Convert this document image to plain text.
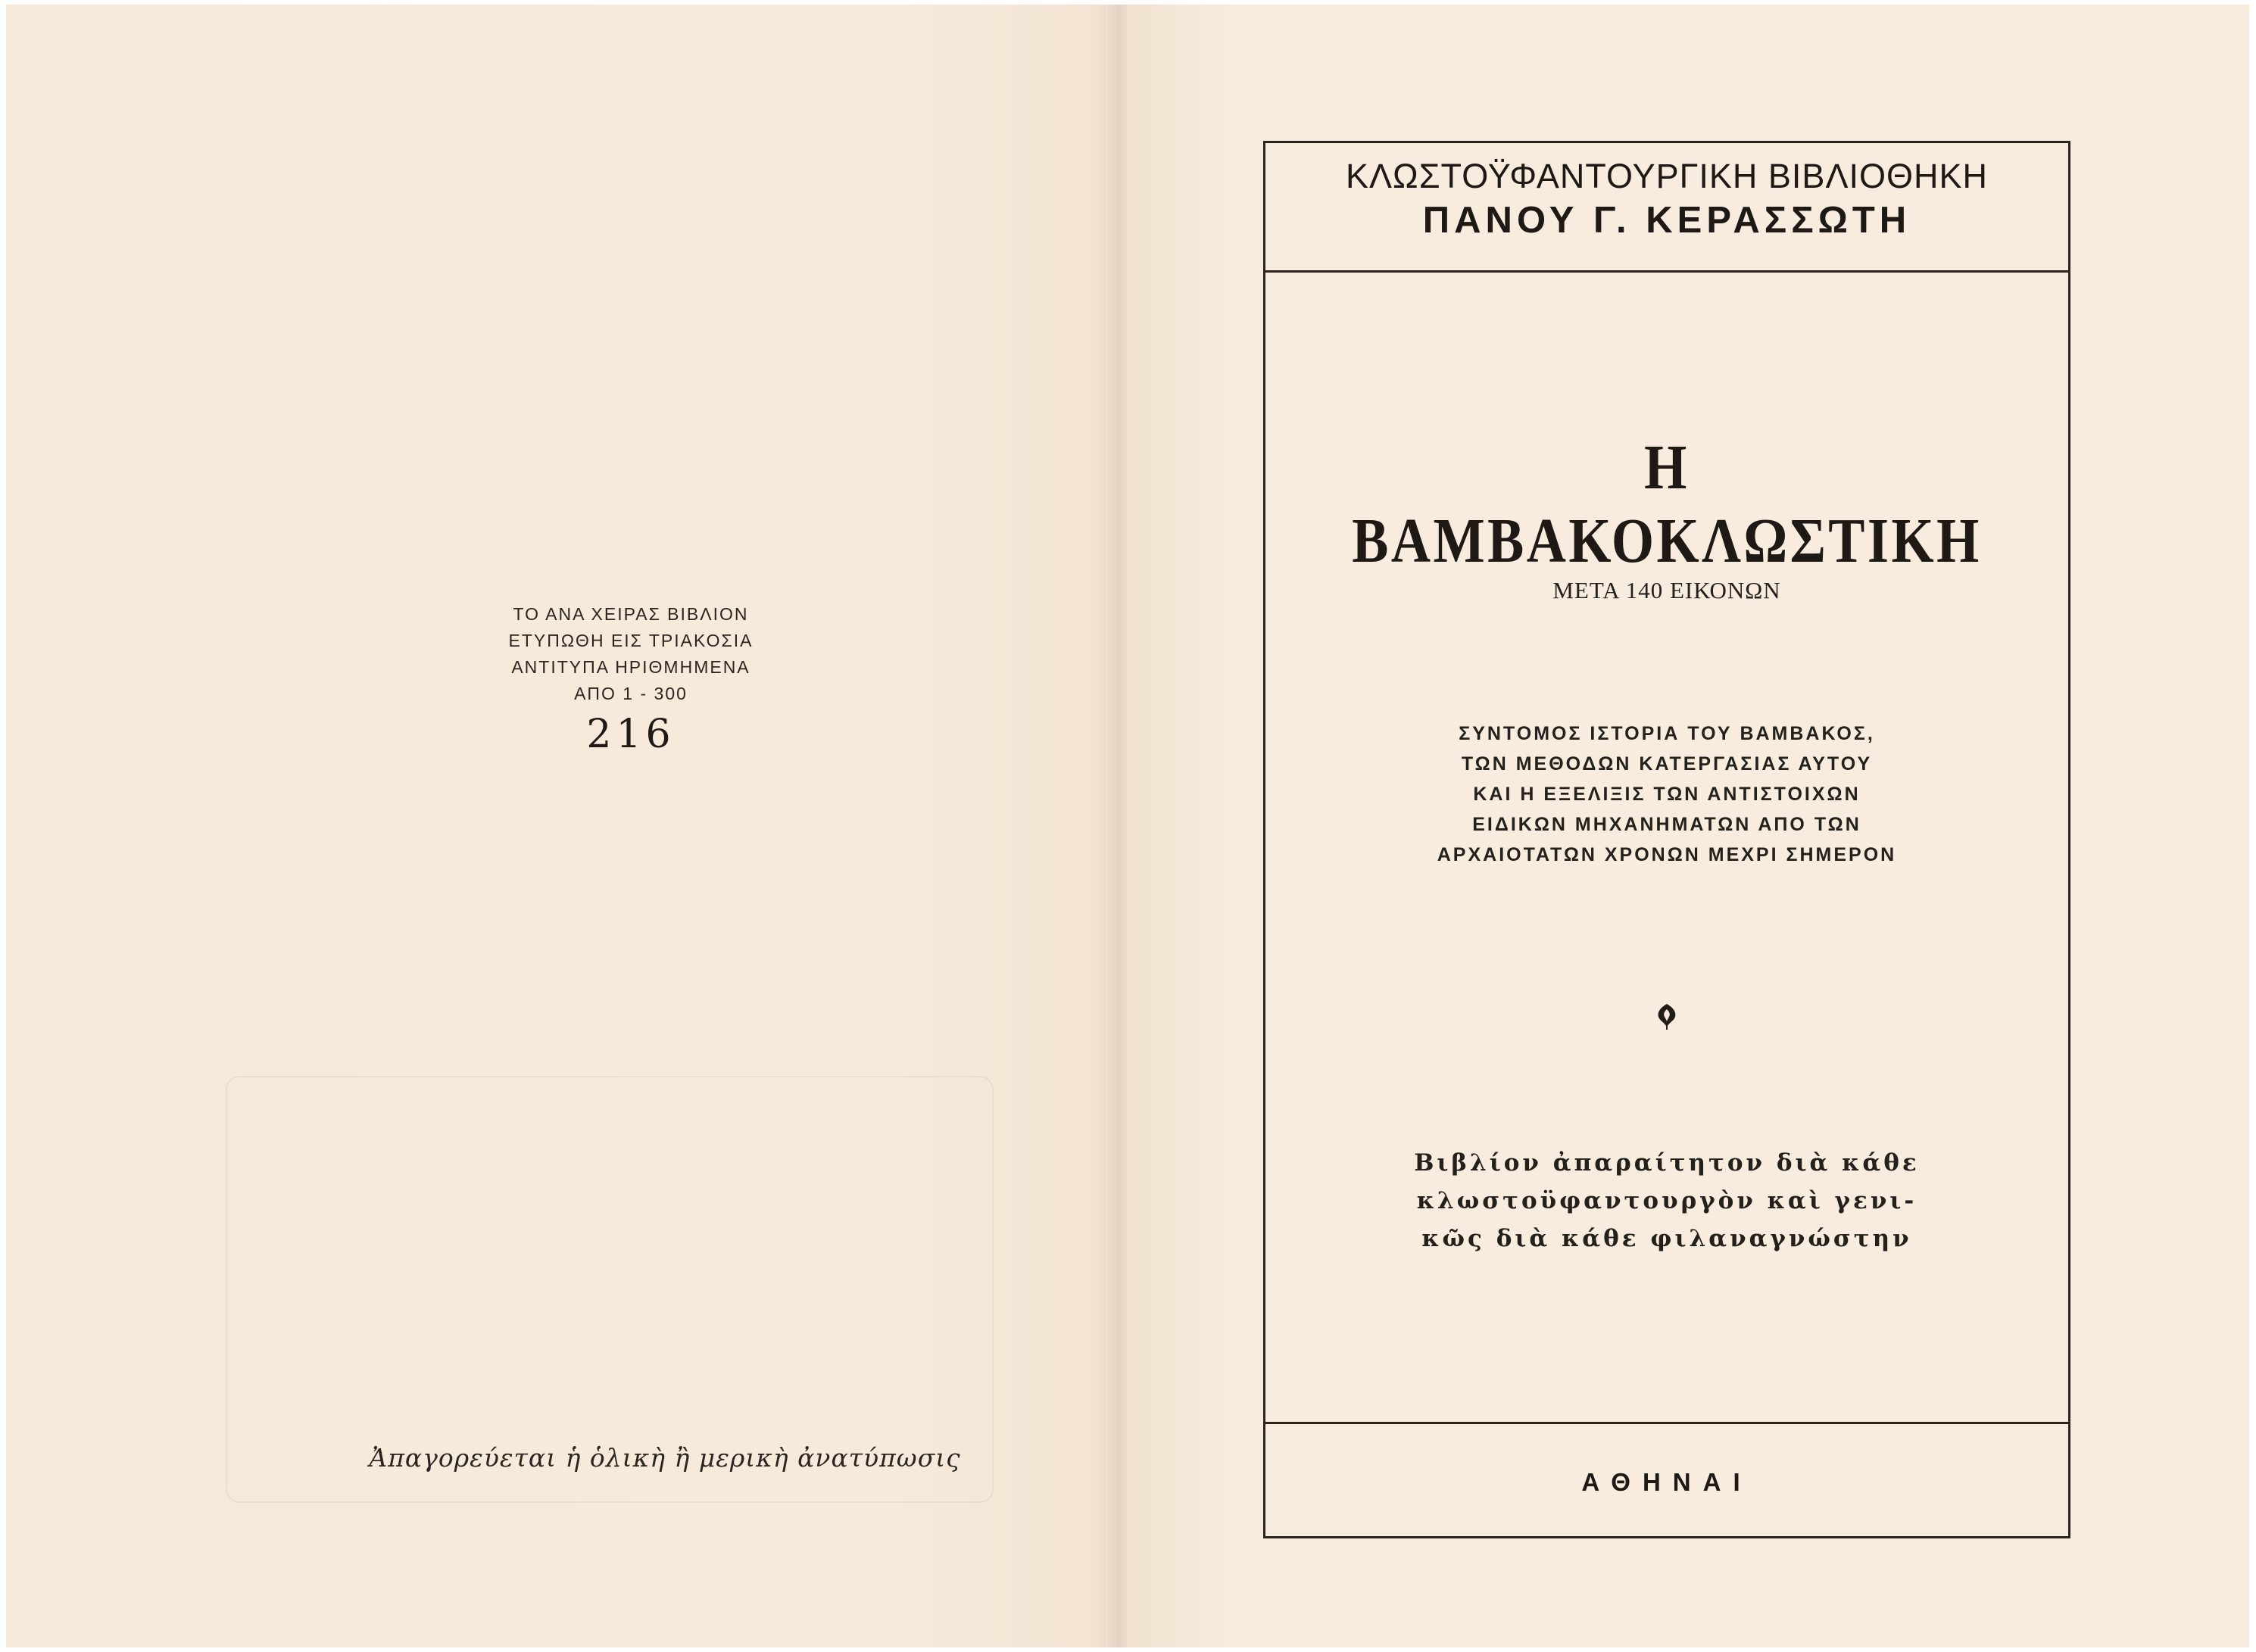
ΤΟ ΑΝΑ ΧΕΙΡΑΣ ΒΙΒΛΙΟΝ
ΕΤΥΠΩΘΗ ΕΙΣ ΤΡΙΑΚΟΣΙΑ
ΑΝΤΙΤΥΠΑ ΗΡΙΘΜΗΜΕΝΑ
ΑΠΟ 1 - 300
216
Ἀπαγορεύεται ἡ ὁλικὴ ἢ μερικὴ ἀνατύπωσις
ΚΛΩΣΤΟΫΦΑΝΤΟΥΡΓΙΚΗ ΒΙΒΛΙΟΘΗΚΗ
ΠΑΝΟΥ Γ. ΚΕΡΑΣΣΩΤΗ
Η ΒΑΜΒΑΚΟΚΛΩΣΤΙΚΗ
ΜΕΤΑ 140 ΕΙΚΟΝΩΝ
ΣΥΝΤΟΜΟΣ ΙΣΤΟΡΙΑ ΤΟΥ ΒΑΜΒΑΚΟΣ,
ΤΩΝ ΜΕΘΟΔΩΝ ΚΑΤΕΡΓΑΣΙΑΣ ΑΥΤΟΥ
ΚΑΙ Η ΕΞΕΛΙΞΙΣ ΤΩΝ ΑΝΤΙΣΤΟΙΧΩΝ
ΕΙΔΙΚΩΝ ΜΗΧΑΝΗΜΑΤΩΝ ΑΠΟ ΤΩΝ
ΑΡΧΑΙΟΤΑΤΩΝ ΧΡΟΝΩΝ ΜΕΧΡΙ ΣΗΜΕΡΟΝ
Βιβλίον ἀπαραίτητον διὰ κάθε
κλωστοϋφαντουργὸν καὶ γενι-
κῶς διὰ κάθε φιλαναγνώστην
ΑΘΗΝΑΙ
